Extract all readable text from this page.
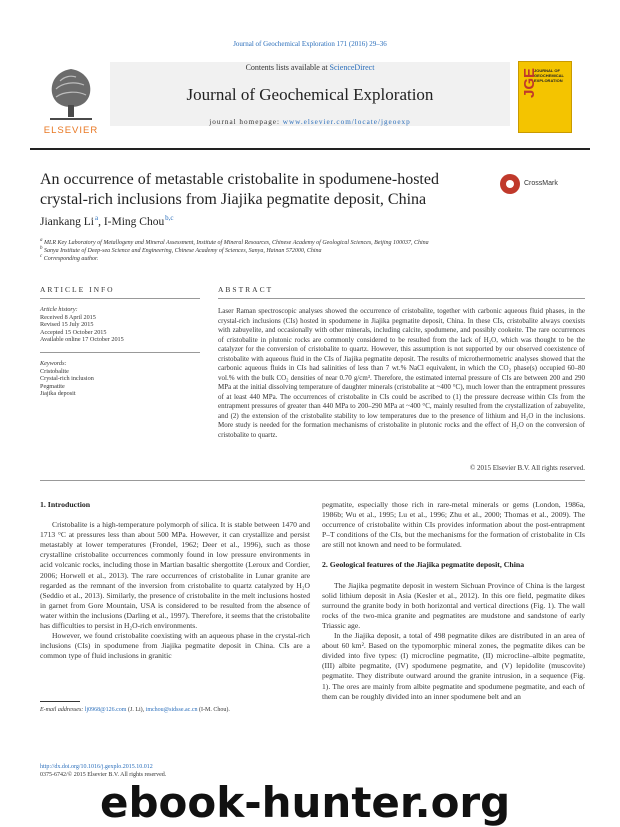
Journal of Geochemical Exploration 171 (2016) 29–36
ELSEVIER
Contents lists available at ScienceDirect
Journal of Geochemical Exploration
journal homepage: www.elsevier.com/locate/jgeoexp
JGE
JOURNAL OF GEOCHEMICAL EXPLORATION
An occurrence of metastable cristobalite in spodumene-hosted crystal-rich inclusions from Jiajika pegmatite deposit, China
CrossMark
Jiankang Li $^a$, I-Ming Chou $^{b,c}$
$^a$ MLR Key Laboratory of Metallogeny and Mineral Assessment, Institute of Mineral Resources, Chinese Academy of Geological Sciences, Beijing 100037, China
$^b$ Sanya Institute of Deep-sea Science and Engineering, Chinese Academy of Sciences, Sanya, Hainan 572000, China
$^c$ Corresponding author.
ARTICLE INFO
Article history:
Received 8 April 2015
Revised 15 July 2015
Accepted 15 October 2015
Available online 17 October 2015
Keywords:
Cristobalite
Crystal-rich inclusion
Pegmatite
Jiajika deposit
ABSTRACT
Laser Raman spectroscopic analyses showed the occurrence of cristobalite, together with carbonic aqueous fluid phases, in the crystal-rich inclusions (CIs) hosted in spodumene in Jiajika pegmatite deposit, China. In these CIs, cristobalite always coexists with zabuyelite, and occasionally with other minerals, including calcite, spodumene, and possibly cookeite. The rare occurrences of cristobalite in plutonic rocks are commonly considered to be resulted from the lack of H₂O, which was thought to be the catalyzer for the conversion of cristobalite to quartz. However, this assumption is not supported by our observed coexistence of cristobalite with aqueous fluid in the CIs of Jiajika pegmatite deposit. The results of microthermometric analyses showed that the carbonic aqueous fluids in CIs had salinities of less than 7 wt.% NaCl equivalent, in which the CO₂ phase(s) occupied 60–80 vol.% with the bulk CO₂ densities of near 0.70 g/cm³. Therefore, the estimated internal pressure of CIs are between 200 and 290 MPa at the initial dissolving temperature of daughter minerals (cristobalite at ~400 °C), much lower than the entrapment pressures of at least 440 MPa. The occurrences of cristobalite in CIs could be ascribed to (1) the pressure decrease within CIs from the entrapment pressures of greater than 440 MPa to 200–290 MPa at ~400 °C, mainly resulted from the crystallization of zabuyelite, and (2) the extension of the cristobalite stability to low temperatures due to the presence of lithium and H₂O in the inclusions. More study is needed for the formation mechanisms of cristobalite in plutonic rocks and the effect of H₂O on the conversion of cristobalite to quartz.
© 2015 Elsevier B.V. All rights reserved.
1. Introduction

Cristobalite is a high-temperature polymorph of silica. It is stable between 1470 and 1713 °C at pressures less than about 500 MPa. However, it can crystallize and persist metastably at lower temperatures (Frondel, 1962; Deer et al., 1996), such as those crystalline cristobalite occurrences commonly found in low pressure environments in acid volcanic rocks, including those in Martian basaltic shergottite (Leroux and Cordier, 2006; Horwell et al., 2013). The rare occurrences of cristobalite in Lunar granite are regarded as the remnant of the inversion from cristobalite to quartz catalyzed by H₂O (Seddio et al., 2013). Similarly, the presence of cristobalite in the melt inclusions hosted in garnet from Gore Mountain, USA is considered to be resulted from the absence of water within the inclusions (Darling et al., 1997). Therefore, it seems that the cristobalite has difficulties to persist in H₂O-rich environments.

However, we found cristobalite coexisting with an aqueous phase in the crystal-rich inclusions (CIs) in spodumene from Jiajika pegmatite deposit in China. CIs are a common type of fluid inclusions in granitic

pegmatite, especially those rich in rare-metal minerals or gems (London, 1986a, 1986b; Wu et al., 1995; Lu et al., 1996; Zhu et al., 2000; Thomas et al., 2009). The occurrence of cristobalite within CIs provides information about the post-entrapment P–T conditions of the CIs, but the mechanisms for the formation of cristobalite in CIs are still not known and need to be formulated.

2. Geological features of the Jiajika pegmatite deposit, China

The Jiajika pegmatite deposit in western Sichuan Province of China is the largest solid lithium deposit in Asia (Kesler et al., 2012). In this ore field, pegmatite dikes surround the granite body in both horizontal and vertical directions (Fig. 1). The wall rocks of the two-mica granite and pegmatites are mudstone and sandstone of early Triassic age.

In the Jiajika deposit, a total of 498 pegmatite dikes are distributed in an area of about 60 km². Based on the typomorphic mineral zones, the pegmatite dikes can be divided into five types: (I) microcline pegmatite, (II) microcline–albite pegmatite, (III) albite pegmatite, (IV) spodumene pegmatite, and (V) lepidolite (muscovite) pegmatite. They distribute outward around the granite intrusion, in a sequence (Fig. 1). The ores are mainly from albite pegmatite and spodumene pegmatite, and each of them can be roughly divided into an inner spodumene belt and an

E-mail addresses: lj0968@126.com (J. Li), imchou@sidsse.ac.cn (I-M. Chou).
http://dx.doi.org/10.1016/j.gexplo.2015.10.012
0375-6742/© 2015 Elsevier B.V. All rights reserved.
ebook-hunter.org
